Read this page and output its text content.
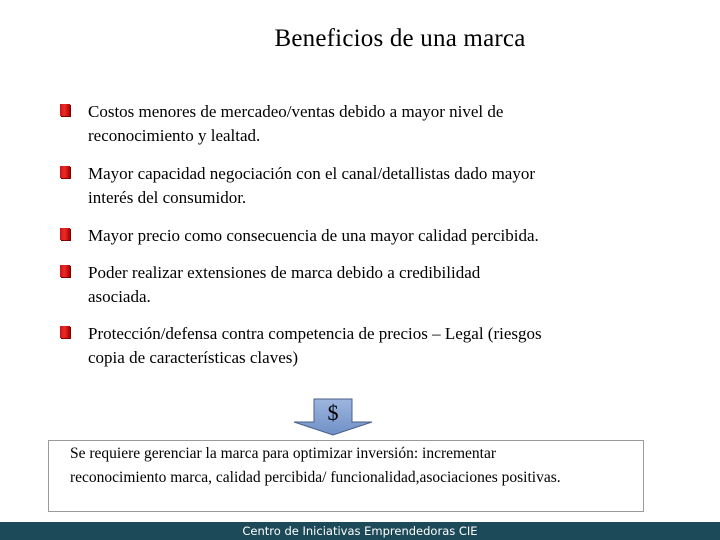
Beneficios de una marca
Costos menores de mercadeo/ventas debido a mayor nivel de
reconocimiento y lealtad.
Mayor capacidad negociación con el canal/detallistas dado mayor
interés del consumidor.
Mayor precio como consecuencia de una mayor calidad percibida.
Poder realizar extensiones de marca debido a credibilidad
asociada.
Protección/defensa contra competencia de precios – Legal (riesgos
copia de características claves)
$
Se requiere gerenciar la marca para optimizar inversión: incrementar
reconocimiento marca, calidad percibida/ funcionalidad,asociaciones positivas.
Centro de Iniciativas Emprendedoras CIE
